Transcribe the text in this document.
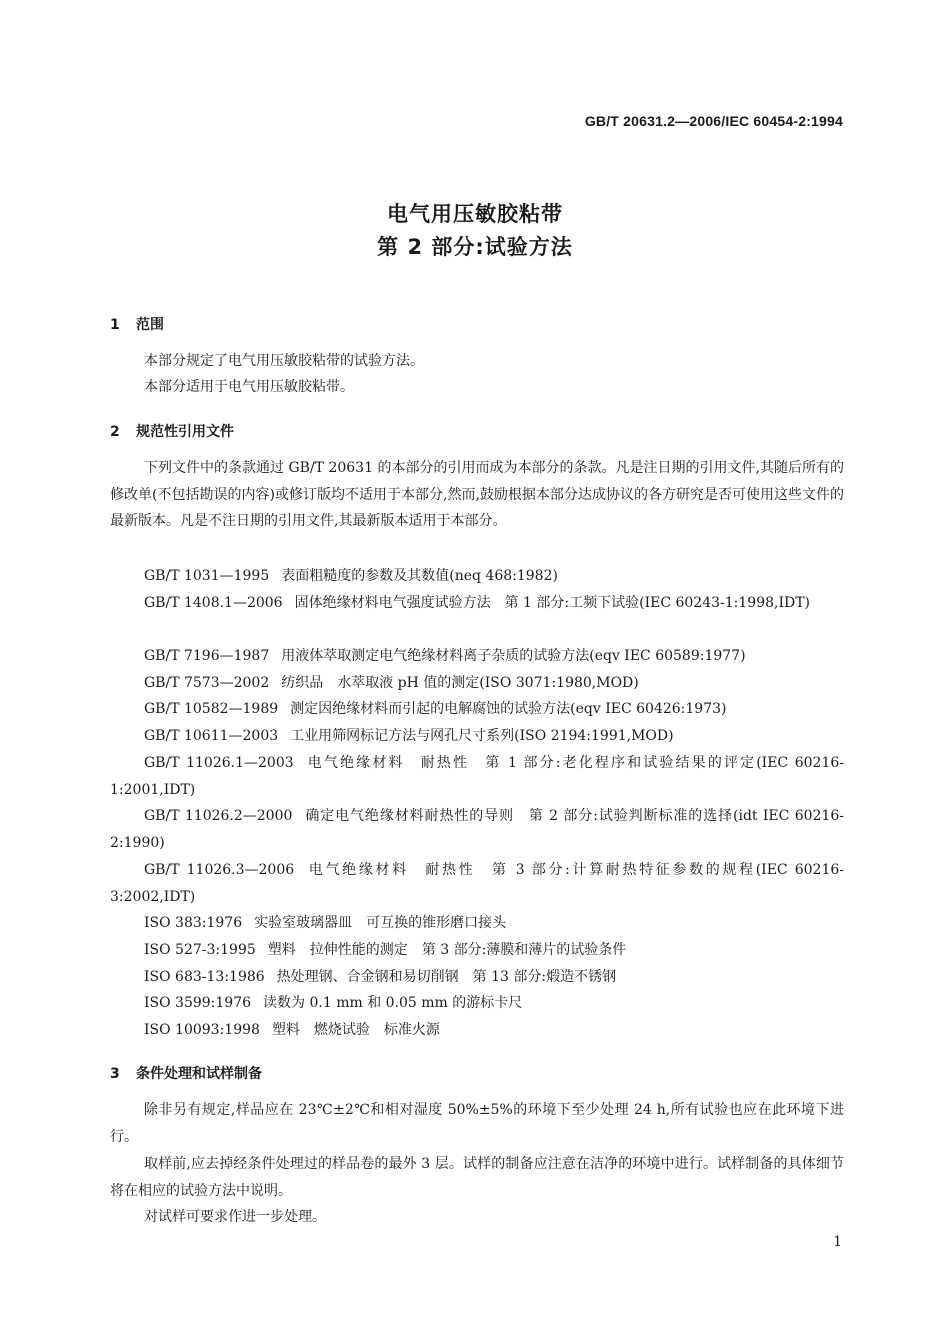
GB/T 20631.2—2006/IEC 60454-2:1994
电气用压敏胶粘带
第 2 部分:试验方法
1 范围
本部分规定了电气用压敏胶粘带的试验方法。
本部分适用于电气用压敏胶粘带。
2 规范性引用文件
下列文件中的条款通过 GB/T 20631 的本部分的引用而成为本部分的条款。凡是注日期的引用文件,其随后所有的修改单(不包括勘误的内容)或修订版均不适用于本部分,然而,鼓励根据本部分达成协议的各方研究是否可使用这些文件的最新版本。凡是不注日期的引用文件,其最新版本适用于本部分。
GB/T 1031—1995 表面粗糙度的参数及其数值(neq 468:1982)
GB/T 1408.1—2006 固体绝缘材料电气强度试验方法　第 1 部分:工频下试验(IEC 60243-1:1998,IDT)
GB/T 7196—1987 用液体萃取测定电气绝缘材料离子杂质的试验方法(eqv IEC 60589:1977)
GB/T 7573—2002 纺织品　水萃取液 pH 值的测定(ISO 3071:1980,MOD)
GB/T 10582—1989 测定因绝缘材料而引起的电解腐蚀的试验方法(eqv IEC 60426:1973)
GB/T 10611—2003 工业用筛网标记方法与网孔尺寸系列(ISO 2194:1991,MOD)
GB/T 11026.1—2003 电气绝缘材料　耐热性　第 1 部分:老化程序和试验结果的评定(IEC 60216-1:2001,IDT)
GB/T 11026.2—2000 确定电气绝缘材料耐热性的导则　第 2 部分:试验判断标准的选择(idt IEC 60216-2:1990)
GB/T 11026.3—2006 电气绝缘材料　耐热性　第 3 部分:计算耐热特征参数的规程(IEC 60216-3:2002,IDT)
ISO 383:1976 实验室玻璃器皿　可互换的锥形磨口接头
ISO 527-3:1995 塑料　拉伸性能的测定　第 3 部分:薄膜和薄片的试验条件
ISO 683-13:1986 热处理钢、合金钢和易切削钢　第 13 部分:煅造不锈钢
ISO 3599:1976 读数为 0.1 mm 和 0.05 mm 的游标卡尺
ISO 10093:1998 塑料　燃烧试验　标准火源
3 条件处理和试样制备
除非另有规定,样品应在 23℃±2℃和相对湿度 50%±5%的环境下至少处理 24 h,所有试验也应在此环境下进行。
取样前,应去掉经条件处理过的样品卷的最外 3 层。试样的制备应注意在洁净的环境中进行。试样制备的具体细节将在相应的试验方法中说明。
对试样可要求作进一步处理。
1
